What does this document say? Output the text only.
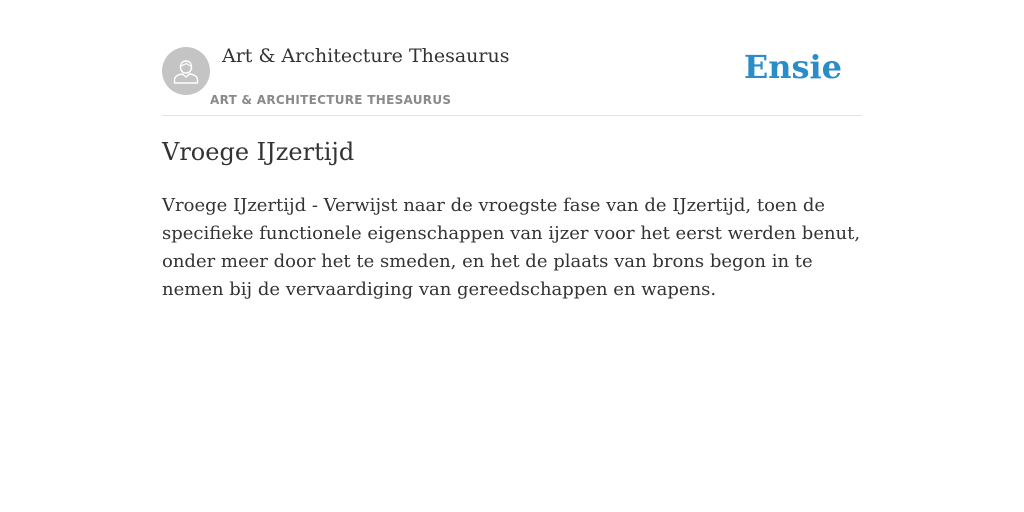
Art & Architecture Thesaurus
ART & ARCHITECTURE THESAURUS
Ensie
Vroege IJzertijd

Vroege IJzertijd - Verwijst naar de vroegste fase van de IJzertijd, toen de specifieke functionele eigenschappen van ijzer voor het eerst werden benut, onder meer door het te smeden, en het de plaats van brons begon in te nemen bij de vervaardiging van gereedschappen en wapens.
